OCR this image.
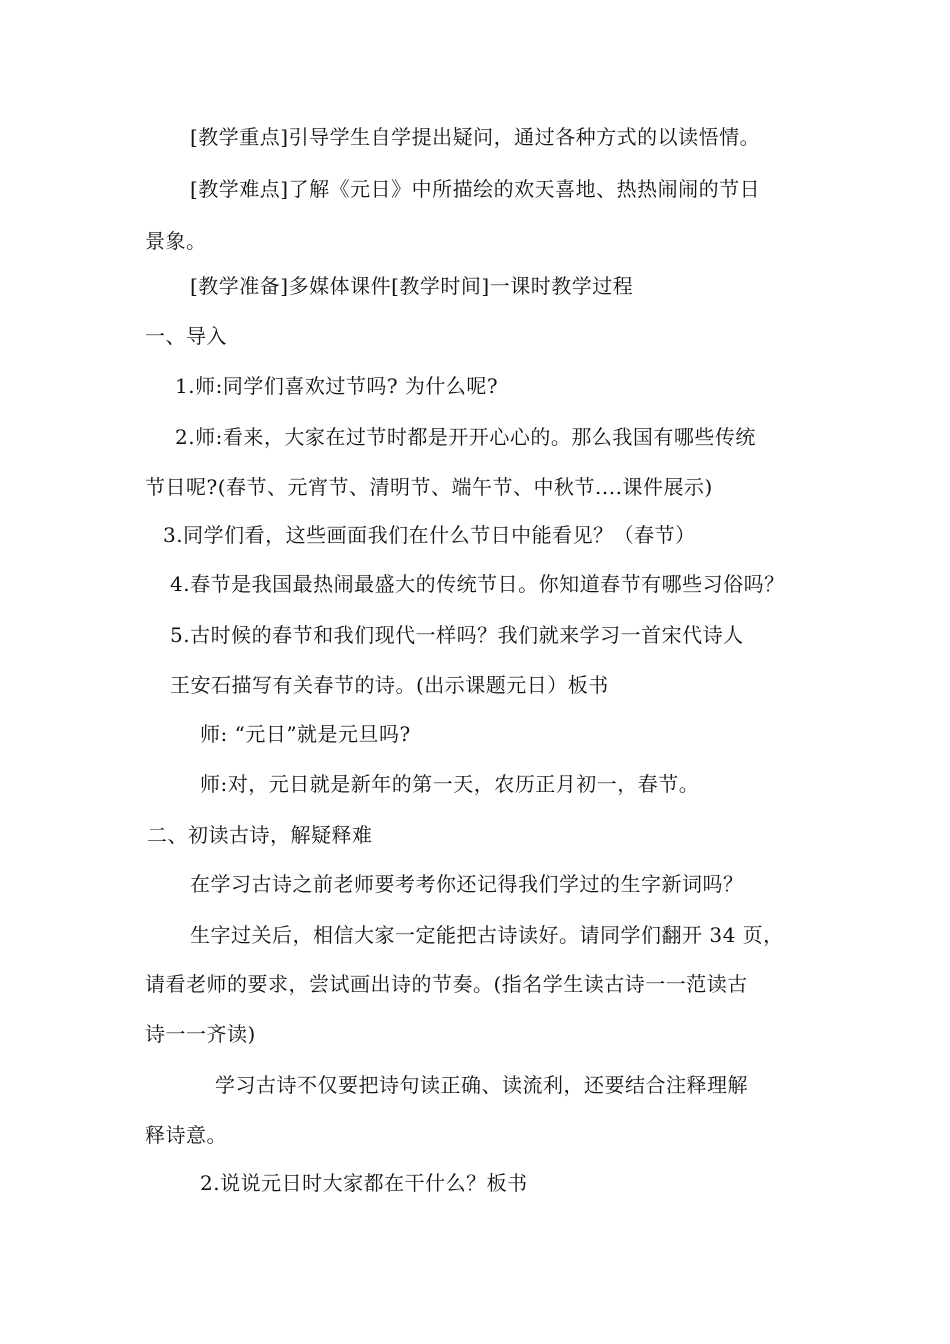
[教学重点]引导学生自学提出疑问，通过各种方式的以读悟情。
[教学难点]了解《元日》中所描绘的欢天喜地、热热闹闹的节日
景象。
[教学准备]多媒体课件[教学时间]一课时教学过程
一、导入
1.师:同学们喜欢过节吗? 为什么呢?
2.师:看来，大家在过节时都是开开心心的。那么我国有哪些传统
节日呢?(春节、元宵节、清明节、端午节、中秋节....课件展示)
3.同学们看，这些画面我们在什么节日中能看见？（春节）
4.春节是我国最热闹最盛大的传统节日。你知道春节有哪些习俗吗？
5.古时候的春节和我们现代一样吗？我们就来学习一首宋代诗人
王安石描写有关春节的诗。(出示课题元日）板书
师: “元日”就是元旦吗?
师:对，元日就是新年的第一天，农历正月初一，春节。
二、初读古诗，解疑释难
在学习古诗之前老师要考考你还记得我们学过的生字新词吗？
生字过关后，相信大家一定能把古诗读好。请同学们翻开 34 页，
请看老师的要求，尝试画出诗的节奏。(指名学生读古诗一一范读古
诗一一齐读)
学习古诗不仅要把诗句读正确、读流利，还要结合注释理解
释诗意。
2.说说元日时大家都在干什么？板书
